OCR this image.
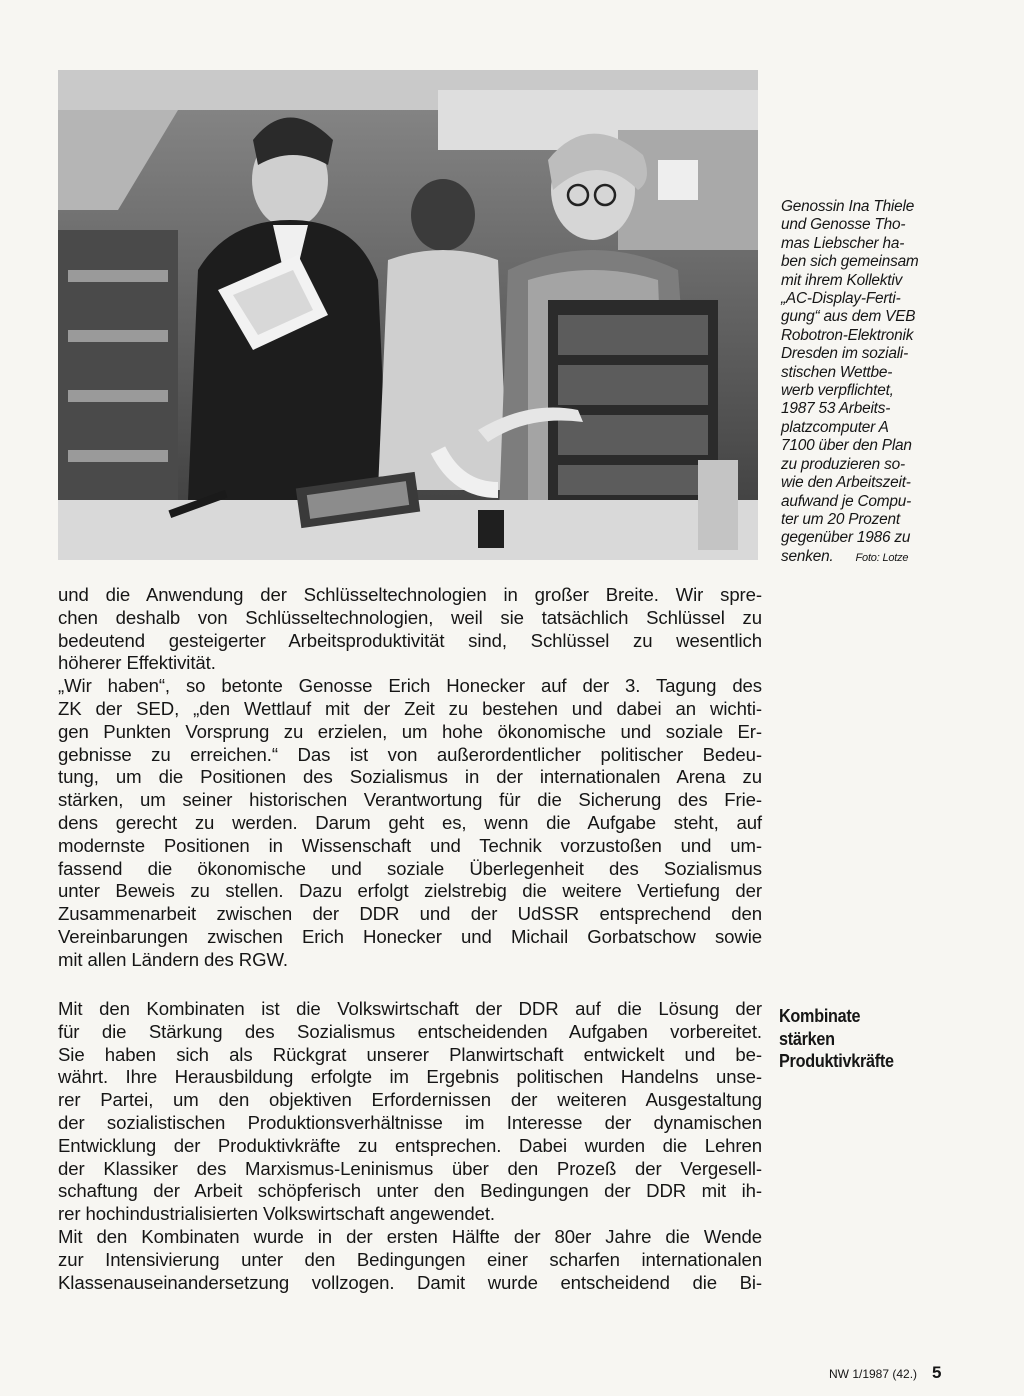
Genossin Ina Thiele
und Genosse Tho-
mas Liebscher ha-
ben sich gemeinsam
mit ihrem Kollektiv
„AC-Display-Ferti-
gung“ aus dem VEB
Robotron-Elektronik
Dresden im soziali-
stischen Wettbe-
werb verpflichtet,
1987 53 Arbeits-
platzcomputer A
7100 über den Plan
zu produzieren so-
wie den Arbeitszeit-
aufwand je Compu-
ter um 20 Prozent
gegenüber 1986 zu
senken. Foto: Lotze
und die Anwendung der Schlüsseltechnologien in großer Breite. Wir spre-
chen deshalb von Schlüsseltechnologien, weil sie tatsächlich Schlüssel zu
bedeutend gesteigerter Arbeitsproduktivität sind, Schlüssel zu wesentlich
höherer Effektivität.
„Wir haben“, so betonte Genosse Erich Honecker auf der 3. Tagung des
ZK der SED, „den Wettlauf mit der Zeit zu bestehen und dabei an wichti-
gen Punkten Vorsprung zu erzielen, um hohe ökonomische und soziale Er-
gebnisse zu erreichen.“ Das ist von außerordentlicher politischer Bedeu-
tung, um die Positionen des Sozialismus in der internationalen Arena zu
stärken, um seiner historischen Verantwortung für die Sicherung des Frie-
dens gerecht zu werden. Darum geht es, wenn die Aufgabe steht, auf
modernste Positionen in Wissenschaft und Technik vorzustoßen und um-
fassend die ökonomische und soziale Überlegenheit des Sozialismus
unter Beweis zu stellen. Dazu erfolgt zielstrebig die weitere Vertiefung der
Zusammenarbeit zwischen der DDR und der UdSSR entsprechend den
Vereinbarungen zwischen Erich Honecker und Michail Gorbatschow sowie
mit allen Ländern des RGW.
Mit den Kombinaten ist die Volkswirtschaft der DDR auf die Lösung der
für die Stärkung des Sozialismus entscheidenden Aufgaben vorbereitet.
Sie haben sich als Rückgrat unserer Planwirtschaft entwickelt und be-
währt. Ihre Herausbildung erfolgte im Ergebnis politischen Handelns unse-
rer Partei, um den objektiven Erfordernissen der weiteren Ausgestaltung
der sozialistischen Produktionsverhältnisse im Interesse der dynamischen
Entwicklung der Produktivkräfte zu entsprechen. Dabei wurden die Lehren
der Klassiker des Marxismus-Leninismus über den Prozeß der Vergesell-
schaftung der Arbeit schöpferisch unter den Bedingungen der DDR mit ih-
rer hochindustrialisierten Volkswirtschaft angewendet.
Mit den Kombinaten wurde in der ersten Hälfte der 80er Jahre die Wende
zur Intensivierung unter den Bedingungen einer scharfen internationalen
Klassenauseinandersetzung vollzogen. Damit wurde entscheidend die Bi-
Kombinate
stärken
Produktivkräfte
NW 1/1987 (42.) 5
